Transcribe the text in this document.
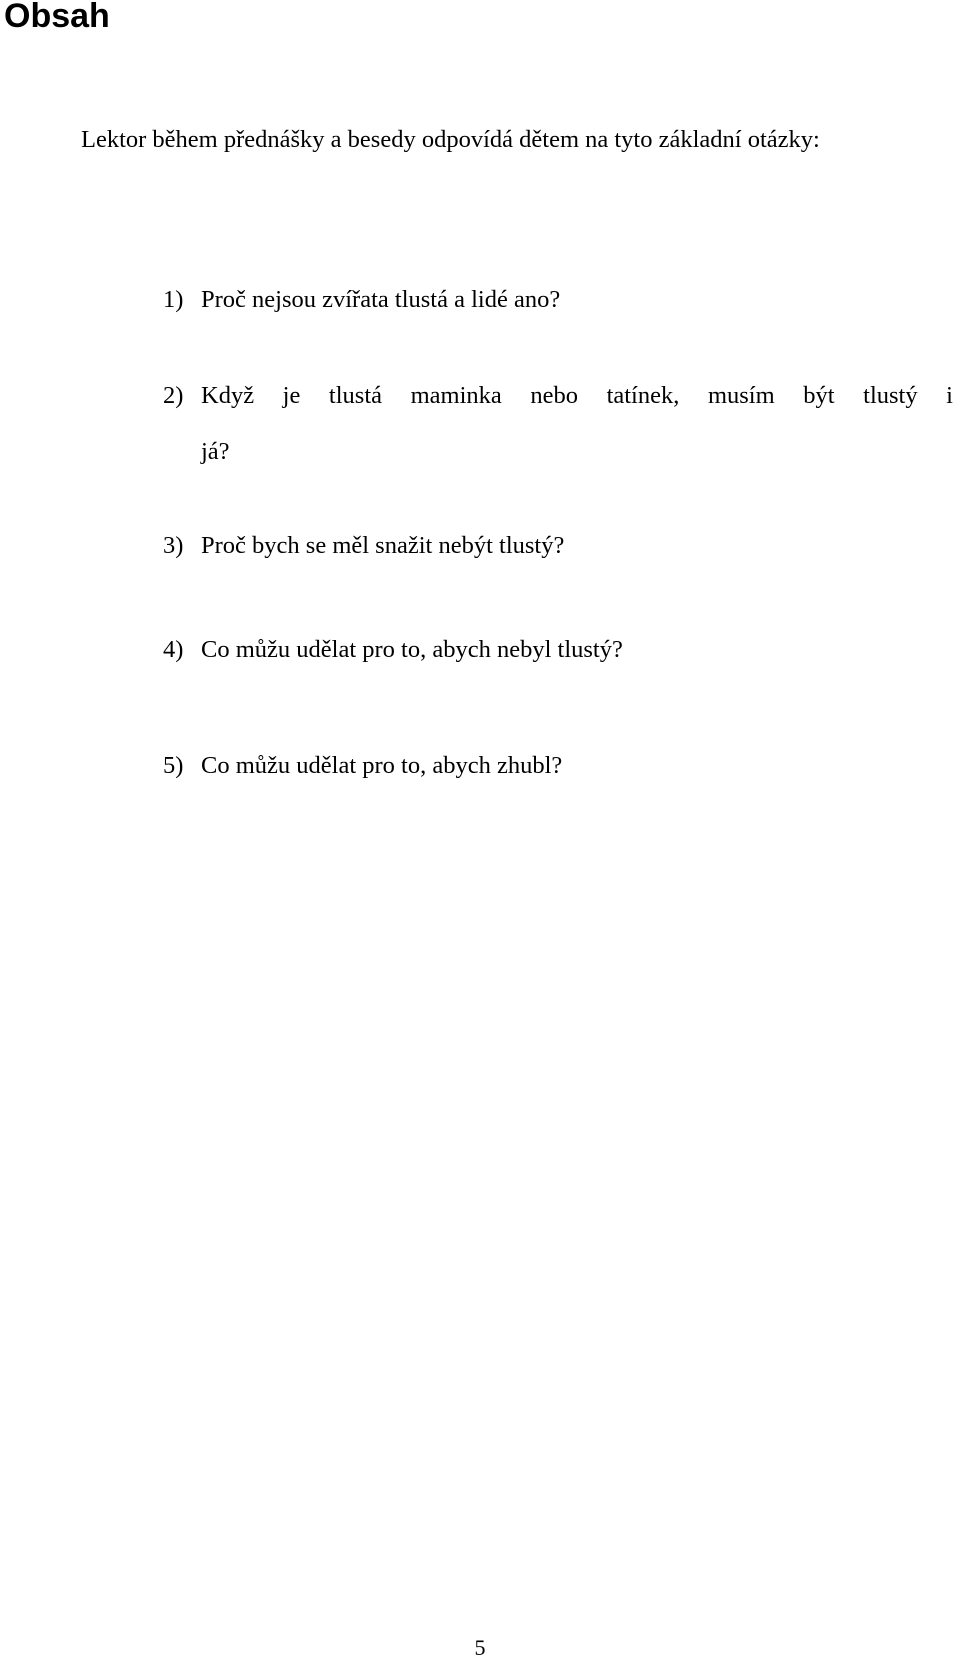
Obsah

Lektor během přednášky a besedy odpovídá dětem na tyto základní otázky:

1) Proč nejsou zvířata tlustá a lidé ano?

2) Když je tlustá maminka nebo tatínek, musím být tlustý i
já?

3) Proč bych se měl snažit nebýt tlustý?

4) Co můžu udělat pro to, abych nebyl tlustý?

5) Co můžu udělat pro to, abych zhubl?

5
